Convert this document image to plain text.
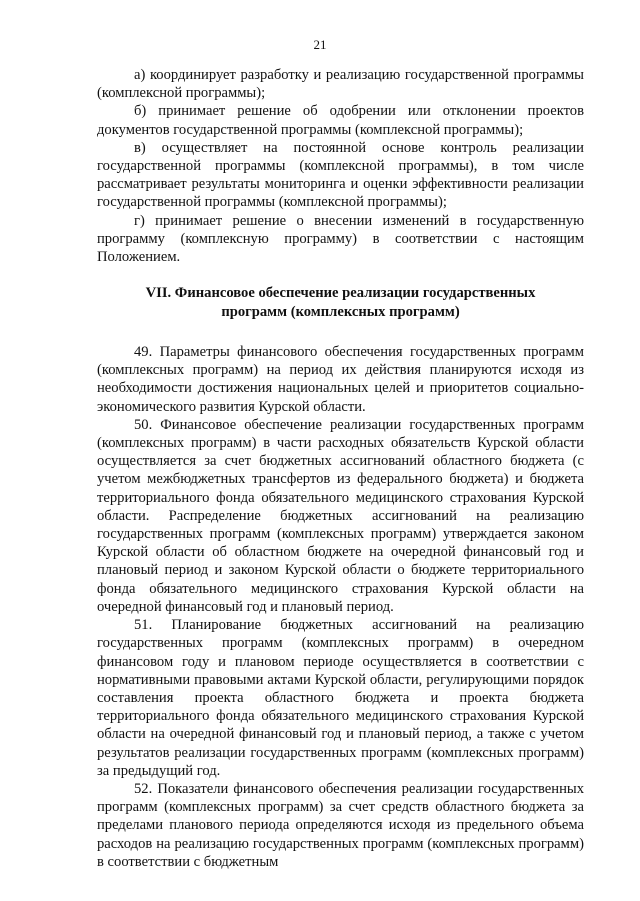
21

а) координирует разработку и реализацию государственной программы (комплексной программы);

б) принимает решение об одобрении или отклонении проектов документов государственной программы (комплексной программы);

в) осуществляет на постоянной основе контроль реализации государственной программы (комплексной программы), в том числе рассматривает результаты мониторинга и оценки эффективности реализации государственной программы (комплексной программы);

г) принимает решение о внесении изменений в государственную программу (комплексную программу) в соответствии с настоящим Положением.

VII. Финансовое обеспечение реализации государственных
программ (комплексных программ)

49. Параметры финансового обеспечения государственных программ (комплексных программ) на период их действия планируются исходя из необходимости достижения национальных целей и приоритетов социально-экономического развития Курской области.

50. Финансовое обеспечение реализации государственных программ (комплексных программ) в части расходных обязательств Курской области осуществляется за счет бюджетных ассигнований областного бюджета (с учетом межбюджетных трансфертов из федерального бюджета) и бюджета территориального фонда обязательного медицинского страхования Курской области. Распределение бюджетных ассигнований на реализацию государственных программ (комплексных программ) утверждается законом Курской области об областном бюджете на очередной финансовый год и плановый период и законом Курской области о бюджете территориального фонда обязательного медицинского страхования Курской области на очередной финансовый год и плановый период.

51. Планирование бюджетных ассигнований на реализацию государственных программ (комплексных программ) в очередном финансовом году и плановом периоде осуществляется в соответствии с нормативными правовыми актами Курской области, регулирующими порядок составления проекта областного бюджета и проекта бюджета территориального фонда обязательного медицинского страхования Курской области на очередной финансовый год и плановый период, а также с учетом результатов реализации государственных программ (комплексных программ) за предыдущий год.

52. Показатели финансового обеспечения реализации государственных программ (комплексных программ) за счет средств областного бюджета за пределами планового периода определяются исходя из предельного объема расходов на реализацию государственных программ (комплексных программ) в соответствии с бюджетным
